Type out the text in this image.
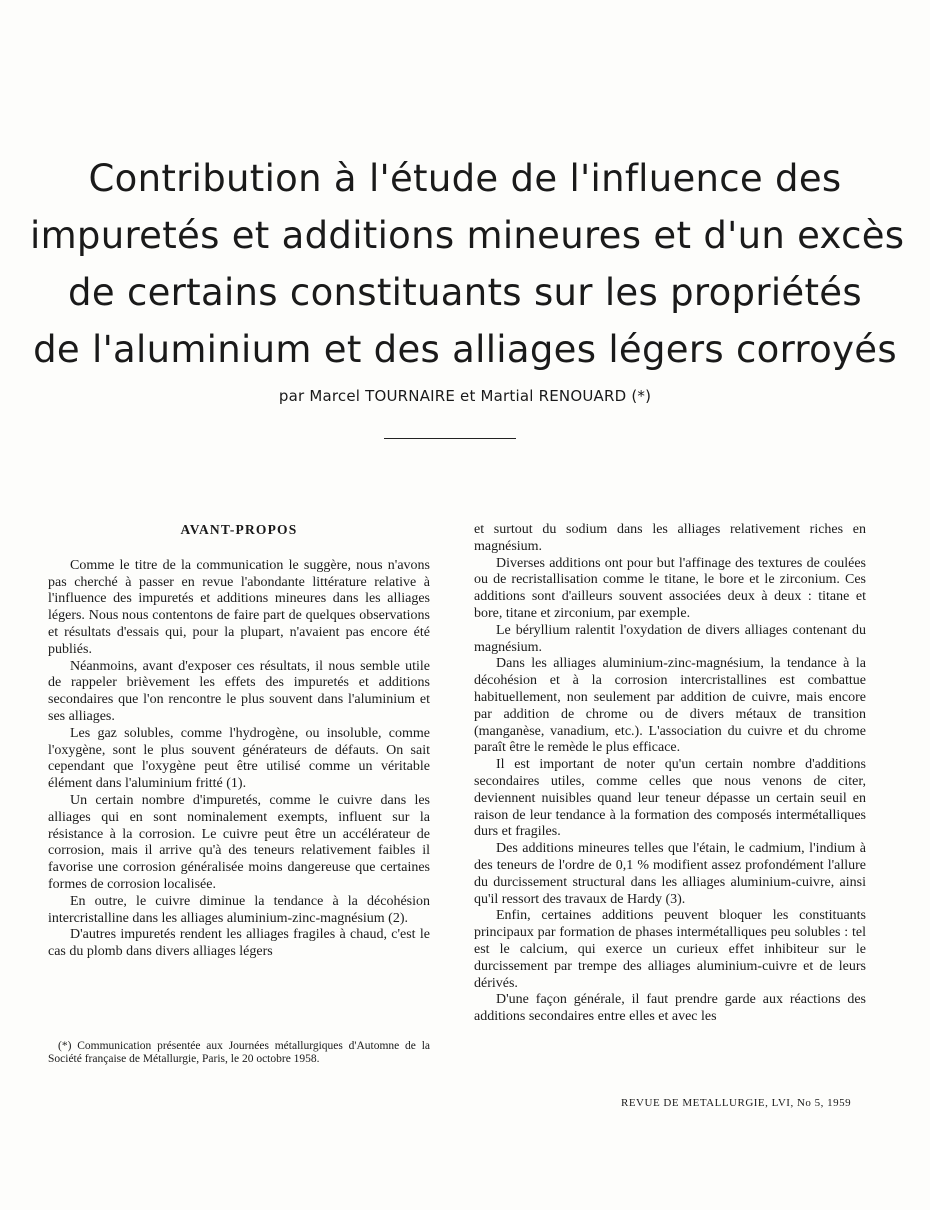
Contribution à l'étude de l'influence des
impuretés et additions mineures et d'un excès
de certains constituants sur les propriétés
de l'aluminium et des alliages légers corroyés
par Marcel TOURNAIRE et Martial RENOUARD (*)
AVANT-PROPOS

Comme le titre de la communication le suggère, nous n'avons pas cherché à passer en revue l'abondante littérature relative à l'influence des impuretés et additions mineures dans les alliages légers. Nous nous contentons de faire part de quelques observations et résultats d'essais qui, pour la plupart, n'avaient pas encore été publiés.

Néanmoins, avant d'exposer ces résultats, il nous semble utile de rappeler brièvement les effets des impuretés et additions secondaires que l'on rencontre le plus souvent dans l'aluminium et ses alliages.

Les gaz solubles, comme l'hydrogène, ou insoluble, comme l'oxygène, sont le plus souvent générateurs de défauts. On sait cependant que l'oxygène peut être utilisé comme un véritable élément dans l'aluminium fritté (1).

Un certain nombre d'impuretés, comme le cuivre dans les alliages qui en sont nominalement exempts, influent sur la résistance à la corrosion. Le cuivre peut être un accélérateur de corrosion, mais il arrive qu'à des teneurs relativement faibles il favorise une corrosion généralisée moins dangereuse que certaines formes de corrosion localisée.

En outre, le cuivre diminue la tendance à la décohésion intercristalline dans les alliages aluminium-zinc-magnésium (2).

D'autres impuretés rendent les alliages fragiles à chaud, c'est le cas du plomb dans divers alliages légers

(*) Communication présentée aux Journées métallurgiques d'Automne de la Société française de Métallurgie, Paris, le 20 octobre 1958.

et surtout du sodium dans les alliages relativement riches en magnésium.

Diverses additions ont pour but l'affinage des textures de coulées ou de recristallisation comme le titane, le bore et le zirconium. Ces additions sont d'ailleurs souvent associées deux à deux : titane et bore, titane et zirconium, par exemple.

Le béryllium ralentit l'oxydation de divers alliages contenant du magnésium.

Dans les alliages aluminium-zinc-magnésium, la tendance à la décohésion et à la corrosion intercristallines est combattue habituellement, non seulement par addition de cuivre, mais encore par addition de chrome ou de divers métaux de transition (manganèse, vanadium, etc.). L'association du cuivre et du chrome paraît être le remède le plus efficace.

Il est important de noter qu'un certain nombre d'additions secondaires utiles, comme celles que nous venons de citer, deviennent nuisibles quand leur teneur dépasse un certain seuil en raison de leur tendance à la formation des composés intermétalliques durs et fragiles.

Des additions mineures telles que l'étain, le cadmium, l'indium à des teneurs de l'ordre de 0,1 % modifient assez profondément l'allure du durcissement structural dans les alliages aluminium-cuivre, ainsi qu'il ressort des travaux de Hardy (3).

Enfin, certaines additions peuvent bloquer les constituants principaux par formation de phases intermétalliques peu solubles : tel est le calcium, qui exerce un curieux effet inhibiteur sur le durcissement par trempe des alliages aluminium-cuivre et de leurs dérivés.

D'une façon générale, il faut prendre garde aux réactions des additions secondaires entre elles et avec les

REVUE DE METALLURGIE, LVI, No 5, 1959
